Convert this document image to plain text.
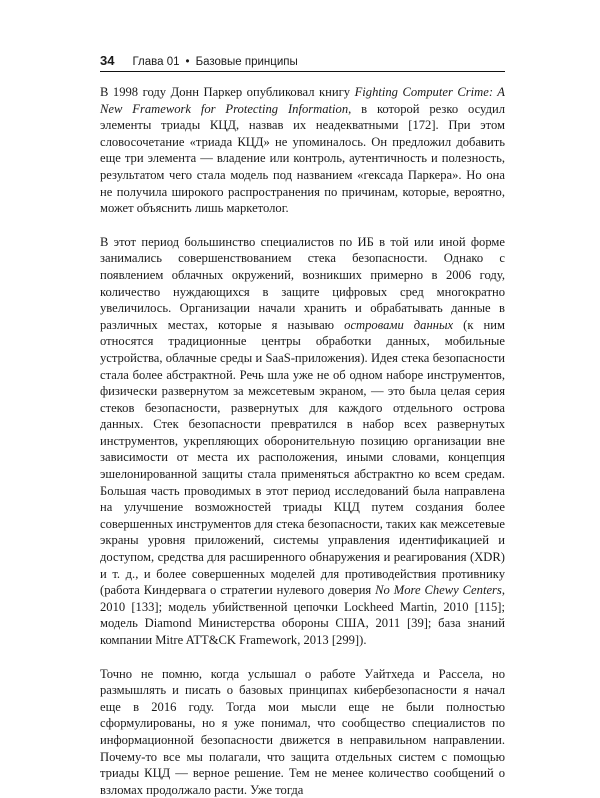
34 Глава 01 • Базовые принципы

В 1998 году Донн Паркер опубликовал книгу Fighting Computer Crime: A New Framework for Protecting Information, в которой резко осудил элементы триады КЦД, назвав их неадекватными [172]. При этом словосочетание «триада КЦД» не упоминалось. Он предложил добавить еще три элемента — владение или контроль, аутентичность и полезность, результатом чего стала модель под названием «гексада Паркера». Но она не получила широкого распространения по причинам, которые, вероятно, может объяснить лишь маркетолог.

В этот период большинство специалистов по ИБ в той или иной форме занимались совершенствованием стека безопасности. Однако с появлением облачных окружений, возникших примерно в 2006 году, количество нуждающихся в защите цифровых сред многократно увеличилось. Организации начали хранить и обрабатывать данные в различных местах, которые я называю островами данных (к ним относятся традиционные центры обработки данных, мобильные устройства, облачные среды и SaaS-приложения). Идея стека безопасности стала более абстрактной. Речь шла уже не об одном наборе инструментов, физически развернутом за межсетевым экраном, — это была целая серия стеков безопасности, развернутых для каждого отдельного острова данных. Стек безопасности превратился в набор всех развернутых инструментов, укрепляющих оборонительную позицию организации вне зависимости от места их расположения, иными словами, концепция эшелонированной защиты стала применяться абстрактно ко всем средам. Большая часть проводимых в этот период исследований была направлена на улучшение возможностей триады КЦД путем создания более совершенных инструментов для стека безопасности, таких как межсетевые экраны уровня приложений, системы управления идентификацией и доступом, средства для расширенного обнаружения и реагирования (XDR) и т. д., и более совершенных моделей для противодействия противнику (работа Киндервага о стратегии нулевого доверия No More Chewy Centers, 2010 [133]; модель убийственной цепочки Lockheed Martin, 2010 [115]; модель Diamond Министерства обороны США, 2011 [39]; база знаний компании Mitre ATT&CK Framework, 2013 [299]).

Точно не помню, когда услышал о работе Уайтхеда и Рассела, но размышлять и писать о базовых принципах кибербезопасности я начал еще в 2016 году. Тогда мои мысли еще не были полностью сформулированы, но я уже понимал, что сообщество специалистов по информационной безопасности движется в неправильном направлении. Почему-то все мы полагали, что защита отдельных систем с помощью триады КЦД — верное решение. Тем не менее количество сообщений о взломах продолжало расти. Уже тогда
